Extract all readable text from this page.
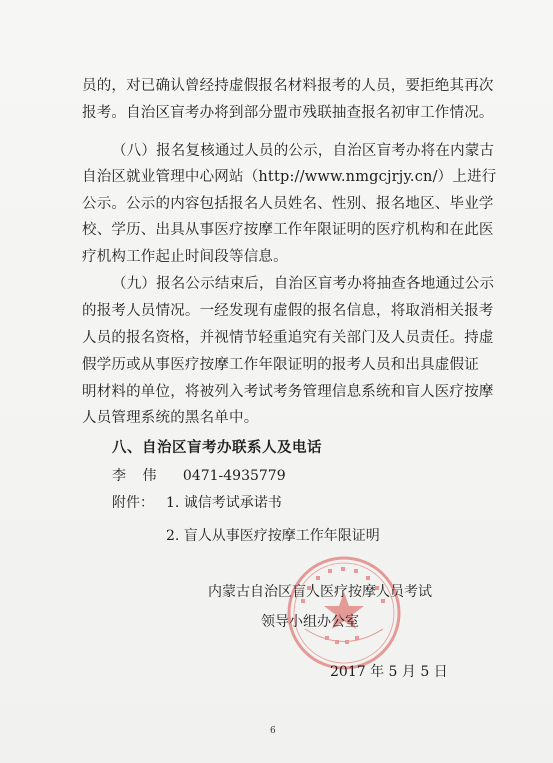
员的，对已确认曾经持虚假报名材料报考的人员，要拒绝其再次
报考。自治区盲考办将到部分盟市残联抽查报名初审工作情况。
（八）报名复核通过人员的公示，自治区盲考办将在内蒙古
自治区就业管理中心网站（http://www.nmgcjrjy.cn/）上进行
公示。公示的内容包括报名人员姓名、性别、报名地区、毕业学
校、学历、出具从事医疗按摩工作年限证明的医疗机构和在此医
疗机构工作起止时间段等信息。
（九）报名公示结束后，自治区盲考办将抽查各地通过公示
的报考人员情况。一经发现有虚假的报名信息，将取消相关报考
人员的报名资格，并视情节轻重追究有关部门及人员责任。持虚
假学历或从事医疗按摩工作年限证明的报考人员和出具虚假证
明材料的单位，将被列入考试考务管理信息系统和盲人医疗按摩
人员管理系统的黑名单中。
八、自治区盲考办联系人及电话
李 伟 0471-4935779
附件： 1. 诚信考试承诺书
2. 盲人从事医疗按摩工作年限证明
内蒙古自治区盲人医疗按摩人员考试
领导小组办公室
2017 年 5 月 5 日
6
